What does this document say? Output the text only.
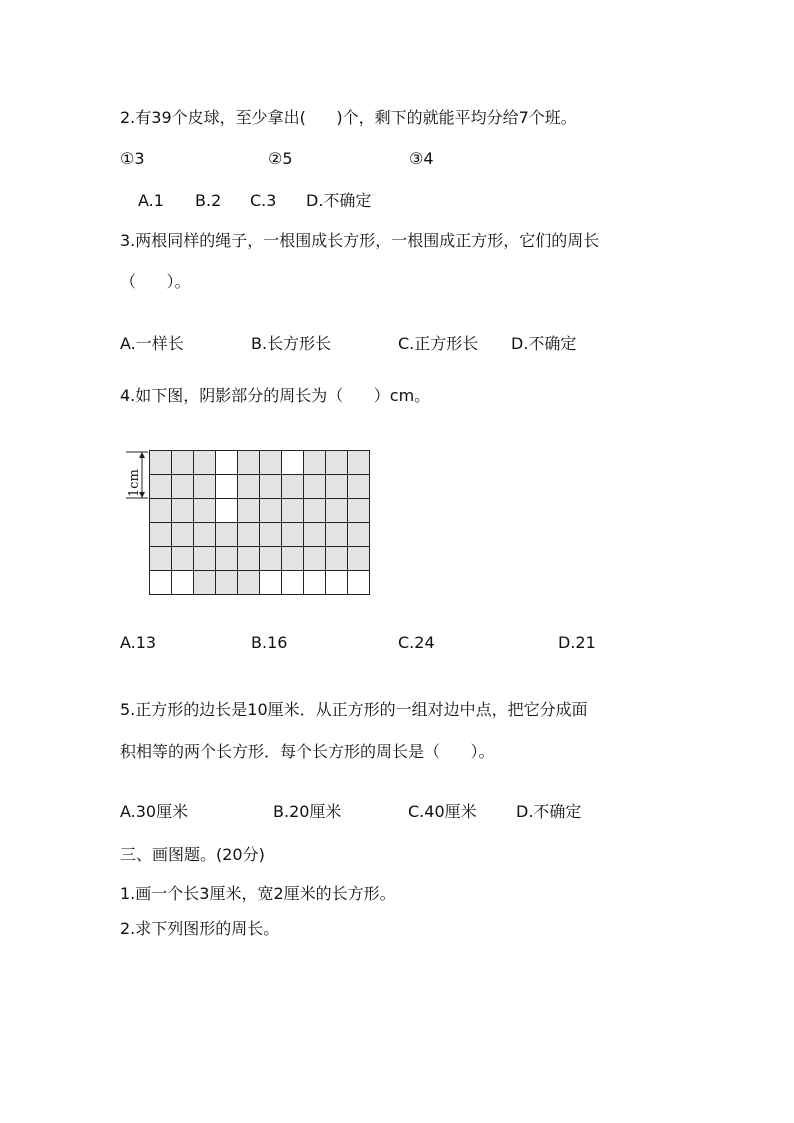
2.有39个皮球，至少拿出(      )个，剩下的就能平均分给7个班。
①3	②5	③4
A.1 B.2 C.3 D.不确定
3.两根同样的绳子，一根围成长方形，一根围成正方形，它们的周长
（      ）。
A.一样长	B.长方形长	C.正方形长 D.不确定
4.如下图，阴影部分的周长为（      ）cm。
1cm

A.13	B.16	C.24	D.21
5.正方形的边长是10厘米．从正方形的一组对边中点，把它分成面
积相等的两个长方形．每个长方形的周长是（      ）。
A.30厘米	B.20厘米	C.40厘米 D.不确定
三、画图题。(20分)
1.画一个长3厘米，宽2厘米的长方形。
2.求下列图形的周长。
